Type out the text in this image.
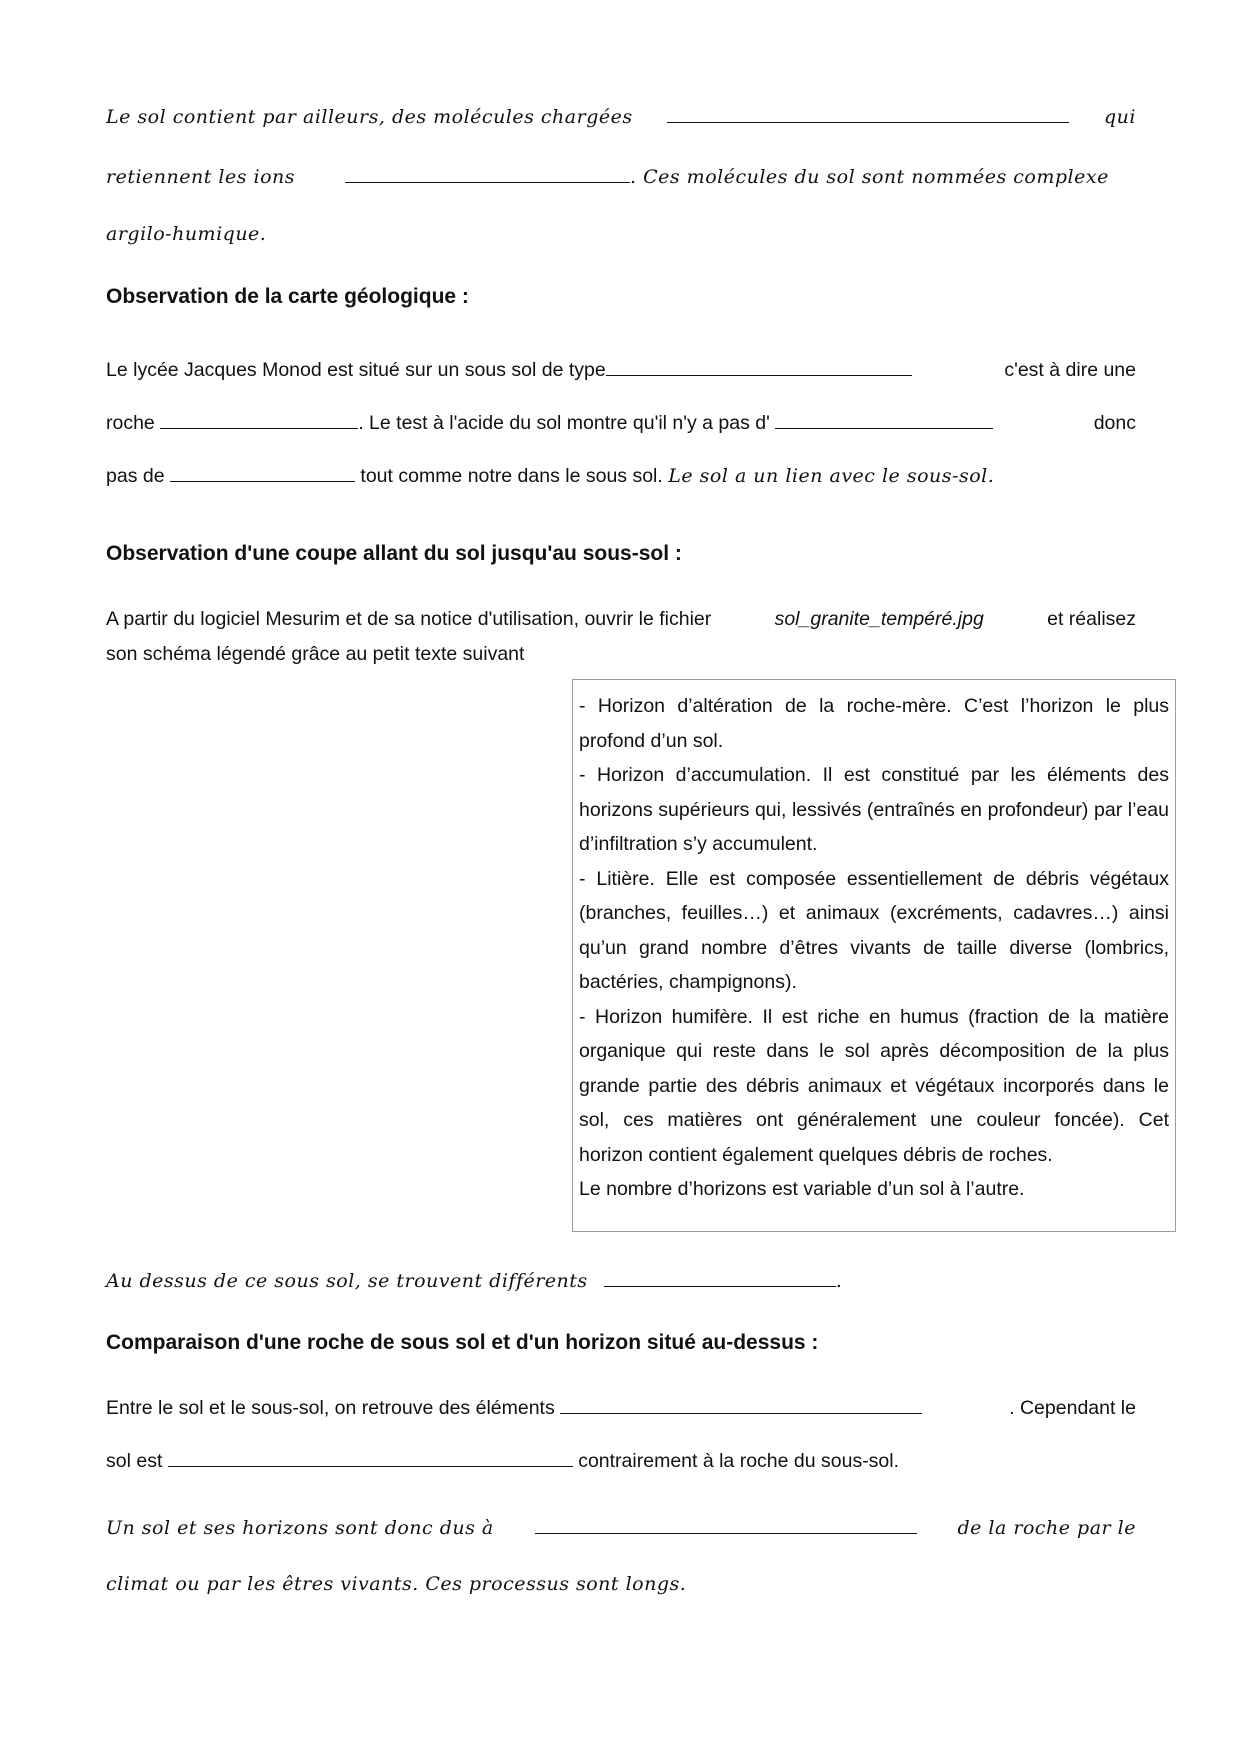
Le sol contient par ailleurs, des molécules chargées	qui
retiennent les ions	. Ces molécules du sol sont nommées complexe
argilo-humique.
Observation de la carte géologique :
Le lycée Jacques Monod est situé sur un sous sol de type	c'est à dire une
roche	. Le test à l'acide du sol montre qu'il n'y a pas d'	donc
pas de	tout comme notre dans le sous sol. Le sol a un lien avec le sous-sol.
Observation d'une coupe allant du sol jusqu'au sous-sol :
A partir du logiciel Mesurim et de sa notice d'utilisation, ouvrir le fichier	sol_granite_tempéré.jpg	et réalisez
son schéma légendé grâce au petit texte suivant

- Horizon d’altération de la roche-mère. C’est l’horizon le plus profond d’un sol.

- Horizon d’accumulation. Il est constitué par les éléments des horizons supérieurs qui, lessivés (entraînés en profondeur) par l’eau d’infiltration s’y accumulent.

- Litière. Elle est composée essentiellement de débris végétaux (branches, feuilles…) et animaux (excréments, cadavres…) ainsi qu’un grand nombre d’êtres vivants de taille diverse (lombrics, bactéries, champignons).

- Horizon humifère. Il est riche en humus (fraction de la matière organique qui reste dans le sol après décomposition de la plus grande partie des débris animaux et végétaux incorporés dans le sol, ces matières ont généralement une couleur foncée). Cet horizon contient également quelques débris de roches.

Le nombre d’horizons est variable d’un sol à l’autre.

Au dessus de ce sous sol, se trouvent différents	.
Comparaison d'une roche de sous sol et d'un horizon situé au-dessus :
Entre le sol et le sous-sol, on retrouve des éléments	. Cependant le
sol est	contrairement à la roche du sous-sol.
Un sol et ses horizons sont donc dus à	de la roche par le
climat ou par les êtres vivants. Ces processus sont longs.
